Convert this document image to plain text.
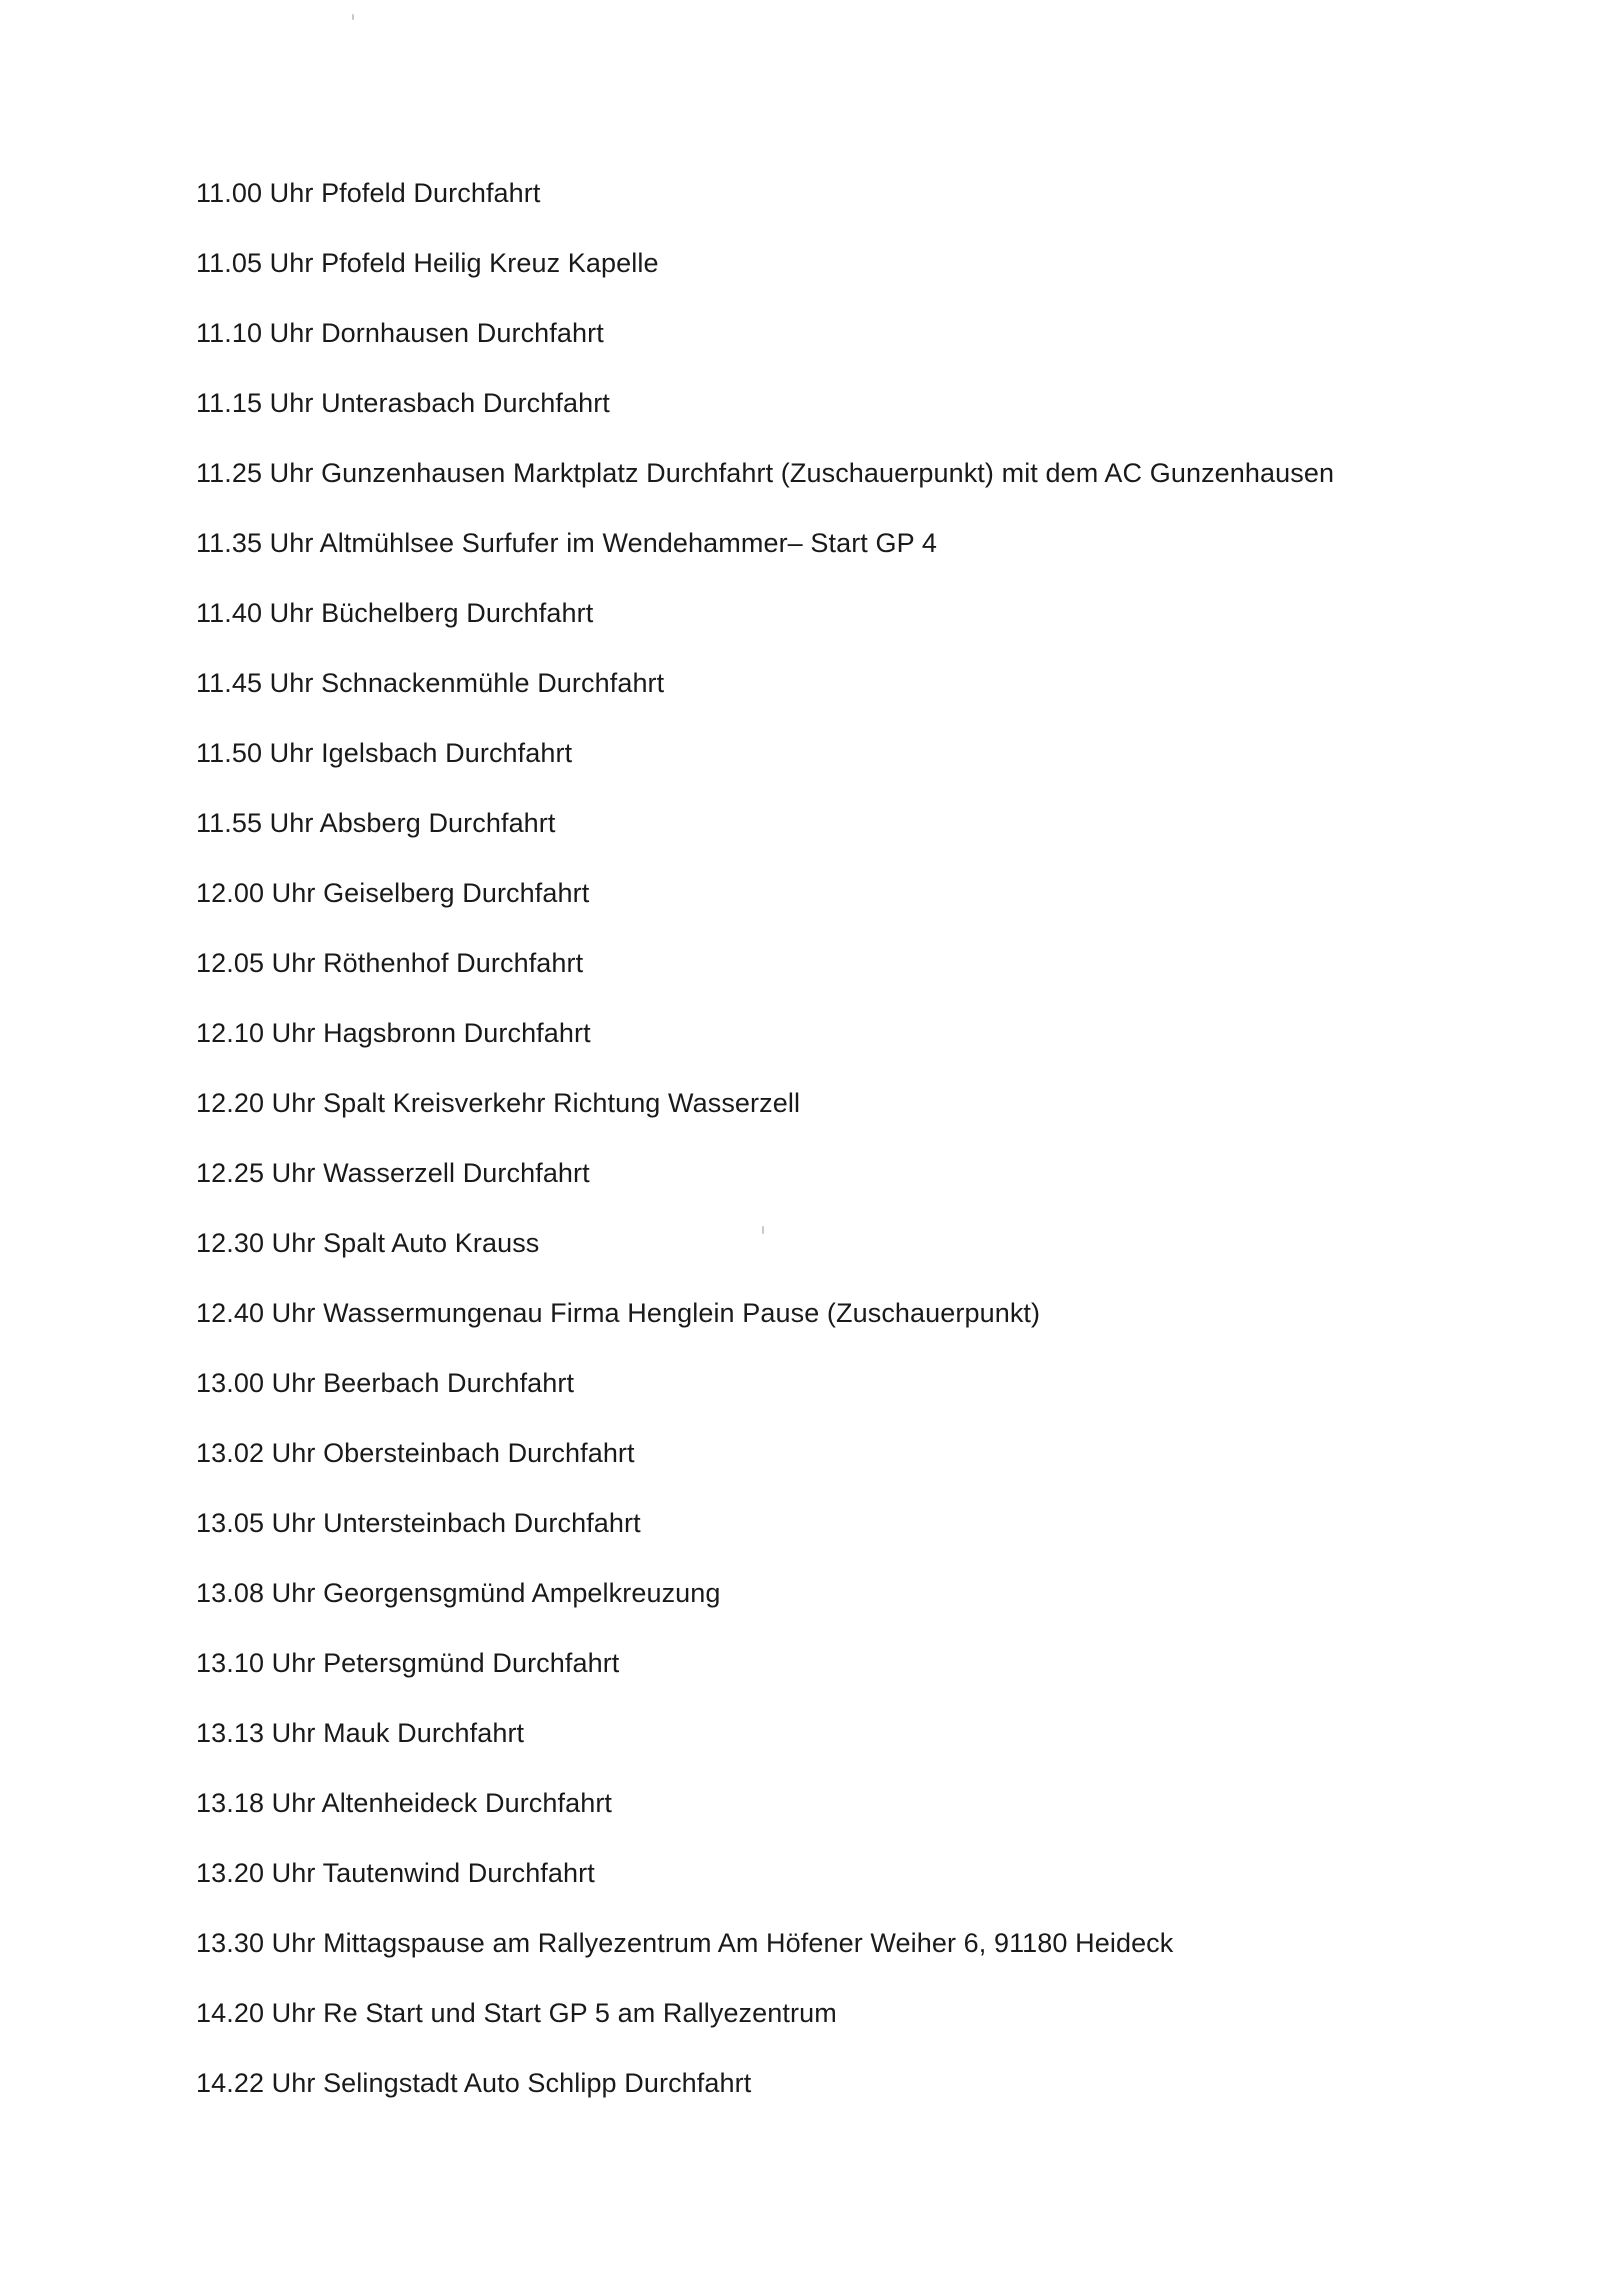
11.00 Uhr Pfofeld Durchfahrt
11.05 Uhr Pfofeld Heilig Kreuz Kapelle
11.10 Uhr Dornhausen Durchfahrt
11.15 Uhr Unterasbach Durchfahrt
11.25 Uhr Gunzenhausen Marktplatz Durchfahrt (Zuschauerpunkt) mit dem AC Gunzenhausen
11.35 Uhr Altmühlsee Surfufer im Wendehammer– Start GP 4
11.40 Uhr Büchelberg Durchfahrt
11.45 Uhr Schnackenmühle Durchfahrt
11.50 Uhr Igelsbach Durchfahrt
11.55 Uhr Absberg Durchfahrt
12.00 Uhr Geiselberg Durchfahrt
12.05 Uhr Röthenhof Durchfahrt
12.10 Uhr Hagsbronn Durchfahrt
12.20 Uhr Spalt Kreisverkehr Richtung Wasserzell
12.25 Uhr Wasserzell Durchfahrt
12.30 Uhr Spalt Auto Krauss
12.40 Uhr Wassermungenau Firma Henglein Pause (Zuschauerpunkt)
13.00 Uhr Beerbach Durchfahrt
13.02 Uhr Obersteinbach Durchfahrt
13.05 Uhr Untersteinbach Durchfahrt
13.08 Uhr Georgensgmünd Ampelkreuzung
13.10 Uhr Petersgmünd Durchfahrt
13.13 Uhr Mauk Durchfahrt
13.18 Uhr Altenheideck Durchfahrt
13.20 Uhr Tautenwind Durchfahrt
13.30 Uhr Mittagspause am Rallyezentrum Am Höfener Weiher 6, 91180 Heideck
14.20 Uhr Re Start und Start GP 5 am Rallyezentrum
14.22 Uhr Selingstadt Auto Schlipp Durchfahrt
